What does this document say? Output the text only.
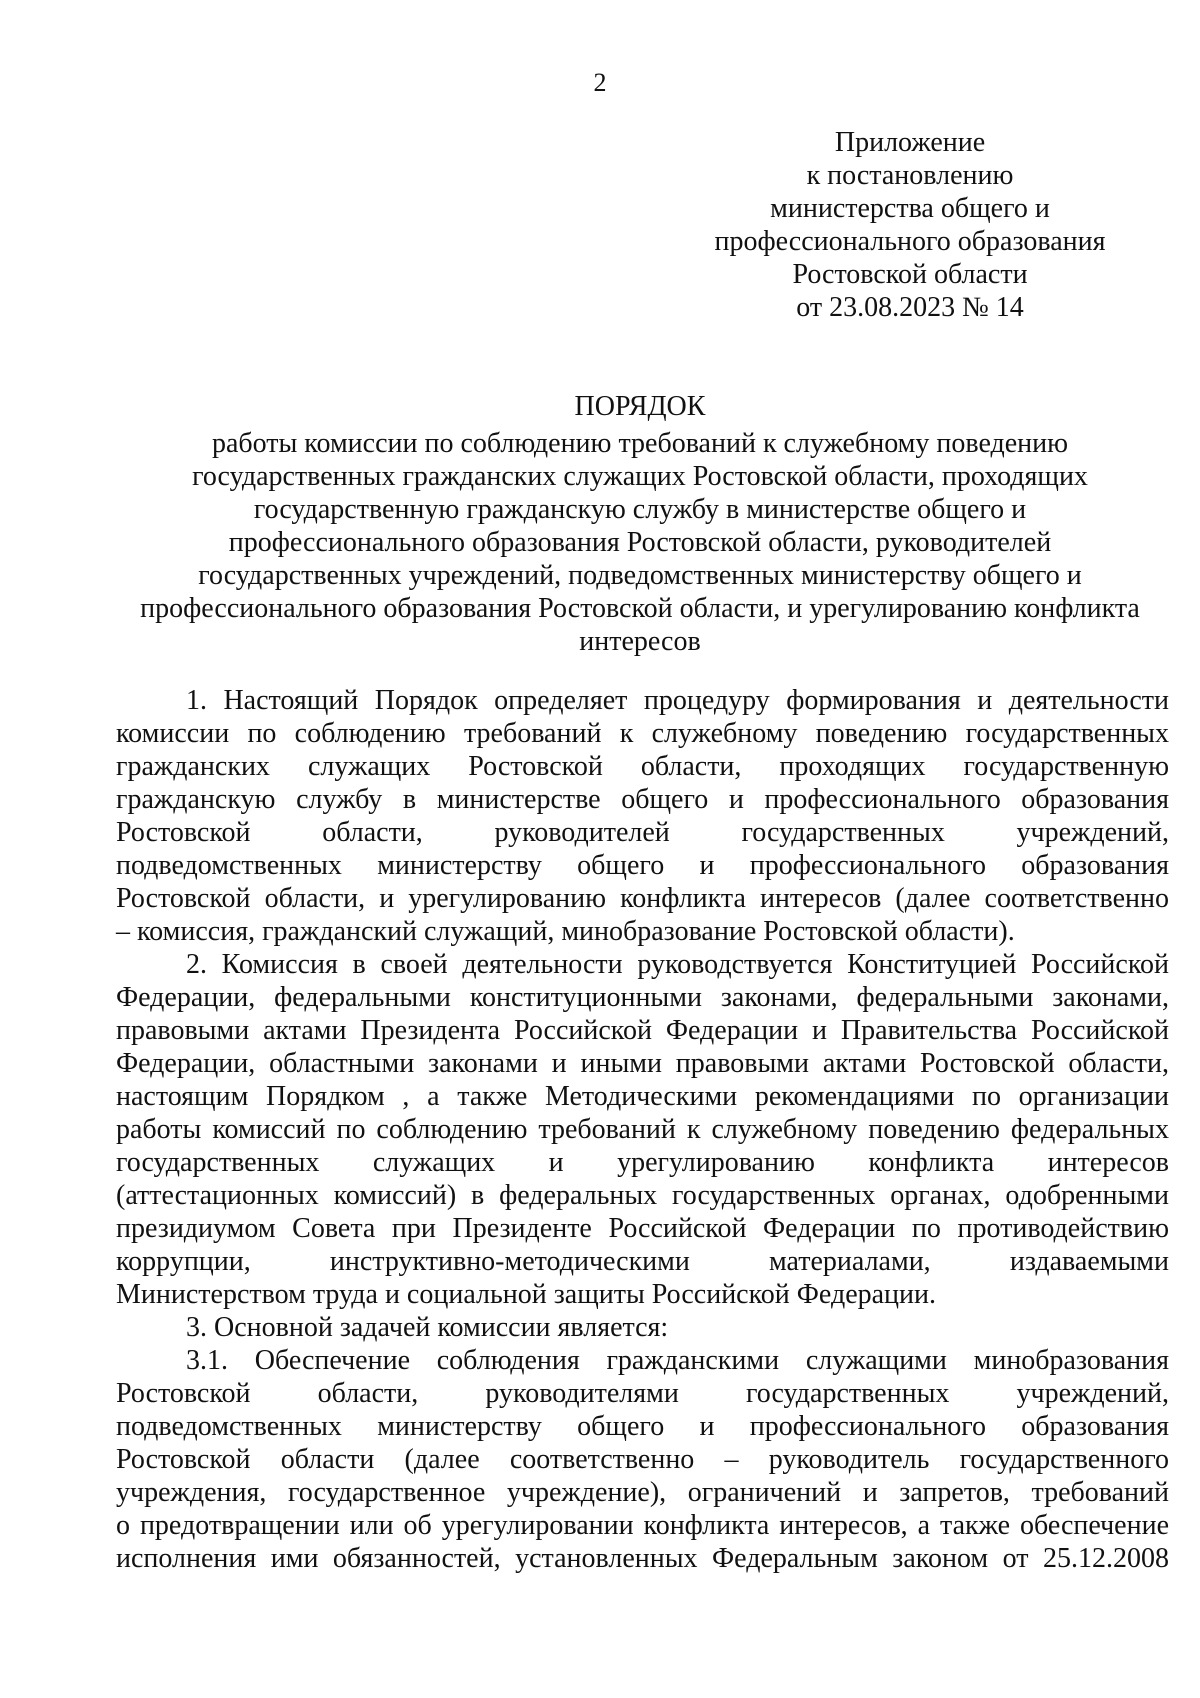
2
Приложение
к постановлению
министерства общего и
профессионального образования
Ростовской области
от 23.08.2023 № 14
ПОРЯДОК
работы комиссии по соблюдению требований к служебному поведению
государственных гражданских служащих Ростовской области, проходящих
государственную гражданскую службу в министерстве общего и
профессионального образования Ростовской области, руководителей
государственных учреждений, подведомственных министерству общего и
профессионального образования Ростовской области, и урегулированию конфликта
интересов
1. Настоящий Порядок определяет процедуру формирования и деятельности
комиссии по соблюдению требований к служебному поведению государственных
гражданских служащих Ростовской области, проходящих государственную
гражданскую службу в министерстве общего и профессионального образования
Ростовской области, руководителей государственных учреждений,
подведомственных министерству общего и профессионального образования
Ростовской области, и урегулированию конфликта интересов (далее соответственно
– комиссия, гражданский служащий, минобразование Ростовской области).
2. Комиссия в своей деятельности руководствуется Конституцией Российской
Федерации, федеральными конституционными законами, федеральными законами,
правовыми актами Президента Российской Федерации и Правительства Российской
Федерации, областными законами и иными правовыми актами Ростовской области,
настоящим Порядком , а также Методическими рекомендациями по организации
работы комиссий по соблюдению требований к служебному поведению федеральных
государственных служащих и урегулированию конфликта интересов
(аттестационных комиссий) в федеральных государственных органах, одобренными
президиумом Совета при Президенте Российской Федерации по противодействию
коррупции, инструктивно-методическими материалами, издаваемыми
Министерством труда и социальной защиты Российской Федерации.
3. Основной задачей комиссии является:
3.1. Обеспечение соблюдения гражданскими служащими минобразования
Ростовской области, руководителями государственных учреждений,
подведомственных министерству общего и профессионального образования
Ростовской области (далее соответственно – руководитель государственного
учреждения, государственное учреждение), ограничений и запретов, требований
о предотвращении или об урегулировании конфликта интересов, а также обеспечение
исполнения ими обязанностей, установленных Федеральным законом от 25.12.2008
